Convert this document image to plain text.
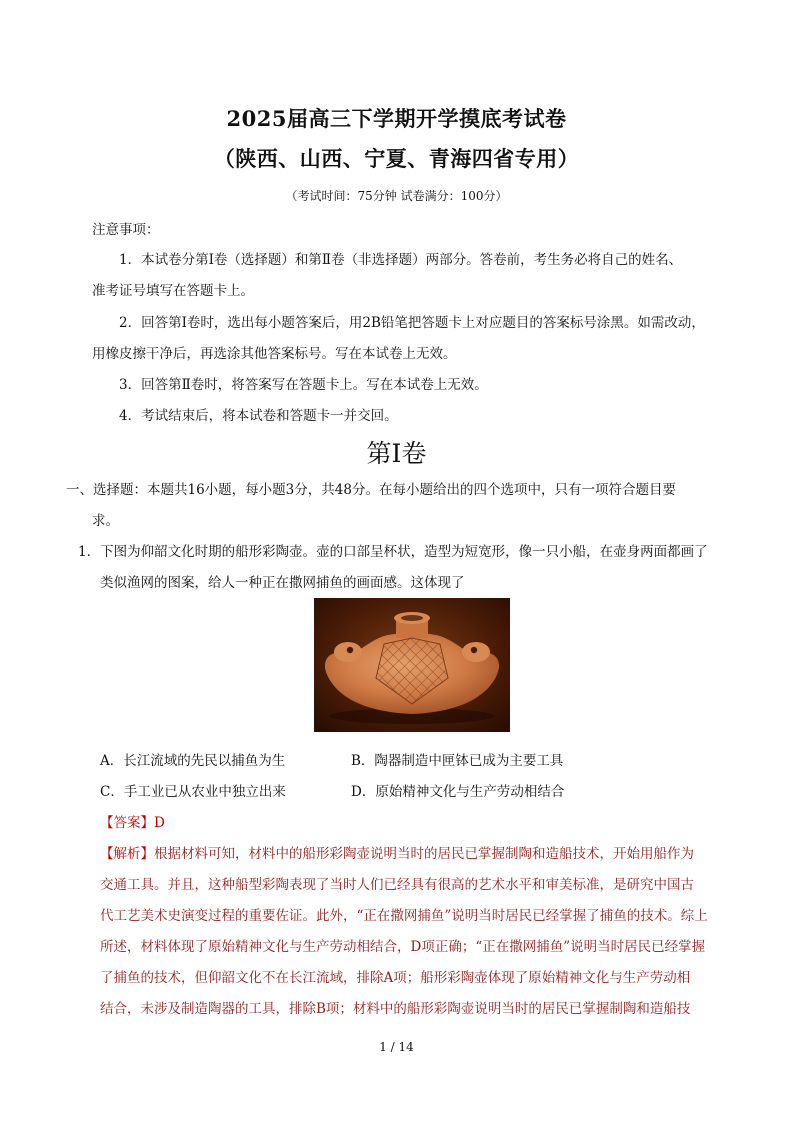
2025届高三下学期开学摸底考试卷
（陕西、山西、宁夏、青海四省专用）
（考试时间：75分钟 试卷满分：100分）
注意事项：
1．本试卷分第Ⅰ卷（选择题）和第Ⅱ卷（非选择题）两部分。答卷前，考生务必将自己的姓名、
准考证号填写在答题卡上。
2．回答第Ⅰ卷时，选出每小题答案后，用2B铅笔把答题卡上对应题目的答案标号涂黑。如需改动，
用橡皮擦干净后，再选涂其他答案标号。写在本试卷上无效。
3．回答第Ⅱ卷时，将答案写在答题卡上。写在本试卷上无效。
4．考试结束后，将本试卷和答题卡一并交回。
第Ⅰ卷
一、选择题：本题共16小题，每小题3分，共48分。在每小题给出的四个选项中，只有一项符合题目要
求。
1．下图为仰韶文化时期的船形彩陶壶。壶的口部呈杯状，造型为短宽形，像一只小船，在壶身两面都画了
类似渔网的图案，给人一种正在撒网捕鱼的画面感。这体现了
A．长江流域的先民以捕鱼为生	B．陶器制造中匣钵已成为主要工具
C．手工业已从农业中独立出来	D．原始精神文化与生产劳动相结合
【答案】D
【解析】根据材料可知，材料中的船形彩陶壶说明当时的居民已掌握制陶和造船技术，开始用船作为
交通工具。并且，这种船型彩陶表现了当时人们已经具有很高的艺术水平和审美标准，是研究中国古
代工艺美术史演变过程的重要佐证。此外，“正在撒网捕鱼”说明当时居民已经掌握了捕鱼的技术。综上
所述，材料体现了原始精神文化与生产劳动相结合，D项正确；“正在撒网捕鱼”说明当时居民已经掌握
了捕鱼的技术，但仰韶文化不在长江流域，排除A项；船形彩陶壶体现了原始精神文化与生产劳动相
结合，未涉及制造陶器的工具，排除B项；材料中的船形彩陶壶说明当时的居民已掌握制陶和造船技
1 / 14
